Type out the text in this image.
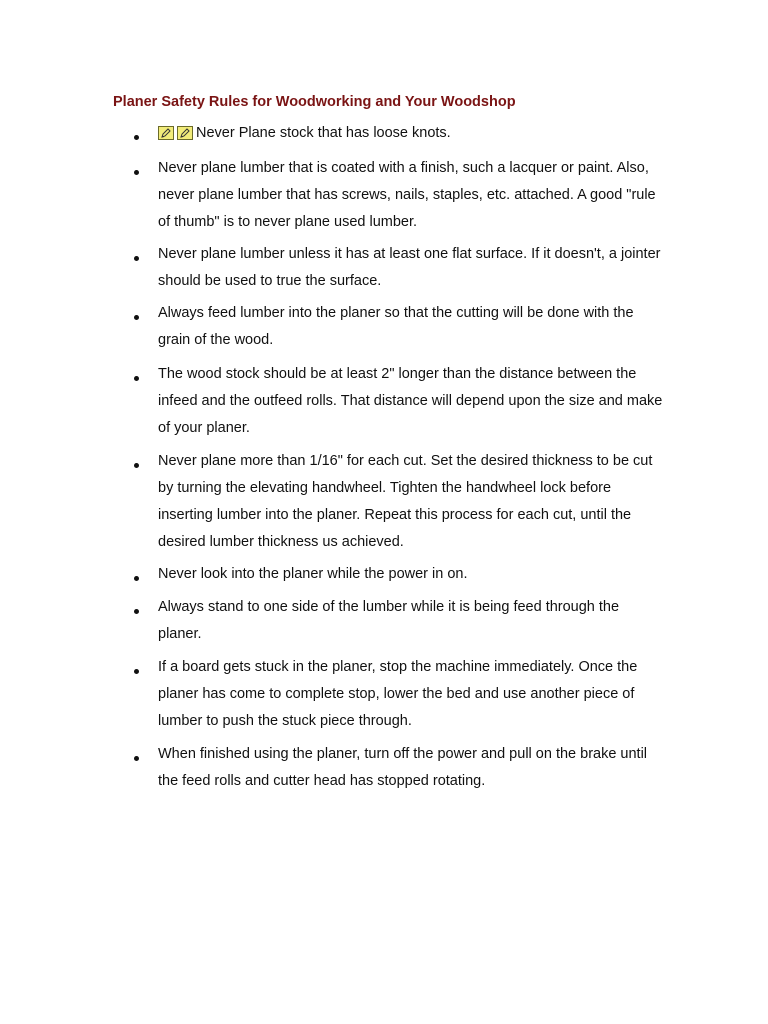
Planer Safety Rules for Woodworking and Your Woodshop
Never Plane stock that has loose knots.
Never plane lumber that is coated with a finish, such a lacquer or paint. Also, never plane lumber that has screws, nails, staples, etc. attached. A good "rule of thumb" is to never plane used lumber.
Never plane lumber unless it has at least one flat surface. If it doesn't, a jointer should be used to true the surface.
Always feed lumber into the planer so that the cutting will be done with the grain of the wood.
The wood stock should be at least 2" longer than the distance between the infeed and the outfeed rolls. That distance will depend upon the size and make of your planer.
Never plane more than 1/16" for each cut. Set the desired thickness to be cut by turning the elevating handwheel. Tighten the handwheel lock before inserting lumber into the planer. Repeat this process for each cut, until the desired lumber thickness us achieved.
Never look into the planer while the power in on.
Always stand to one side of the lumber while it is being feed through the planer.
If a board gets stuck in the planer, stop the machine immediately. Once the planer has come to complete stop, lower the bed and use another piece of lumber to push the stuck piece through.
When finished using the planer, turn off the power and pull on the brake until the feed rolls and cutter head has stopped rotating.
